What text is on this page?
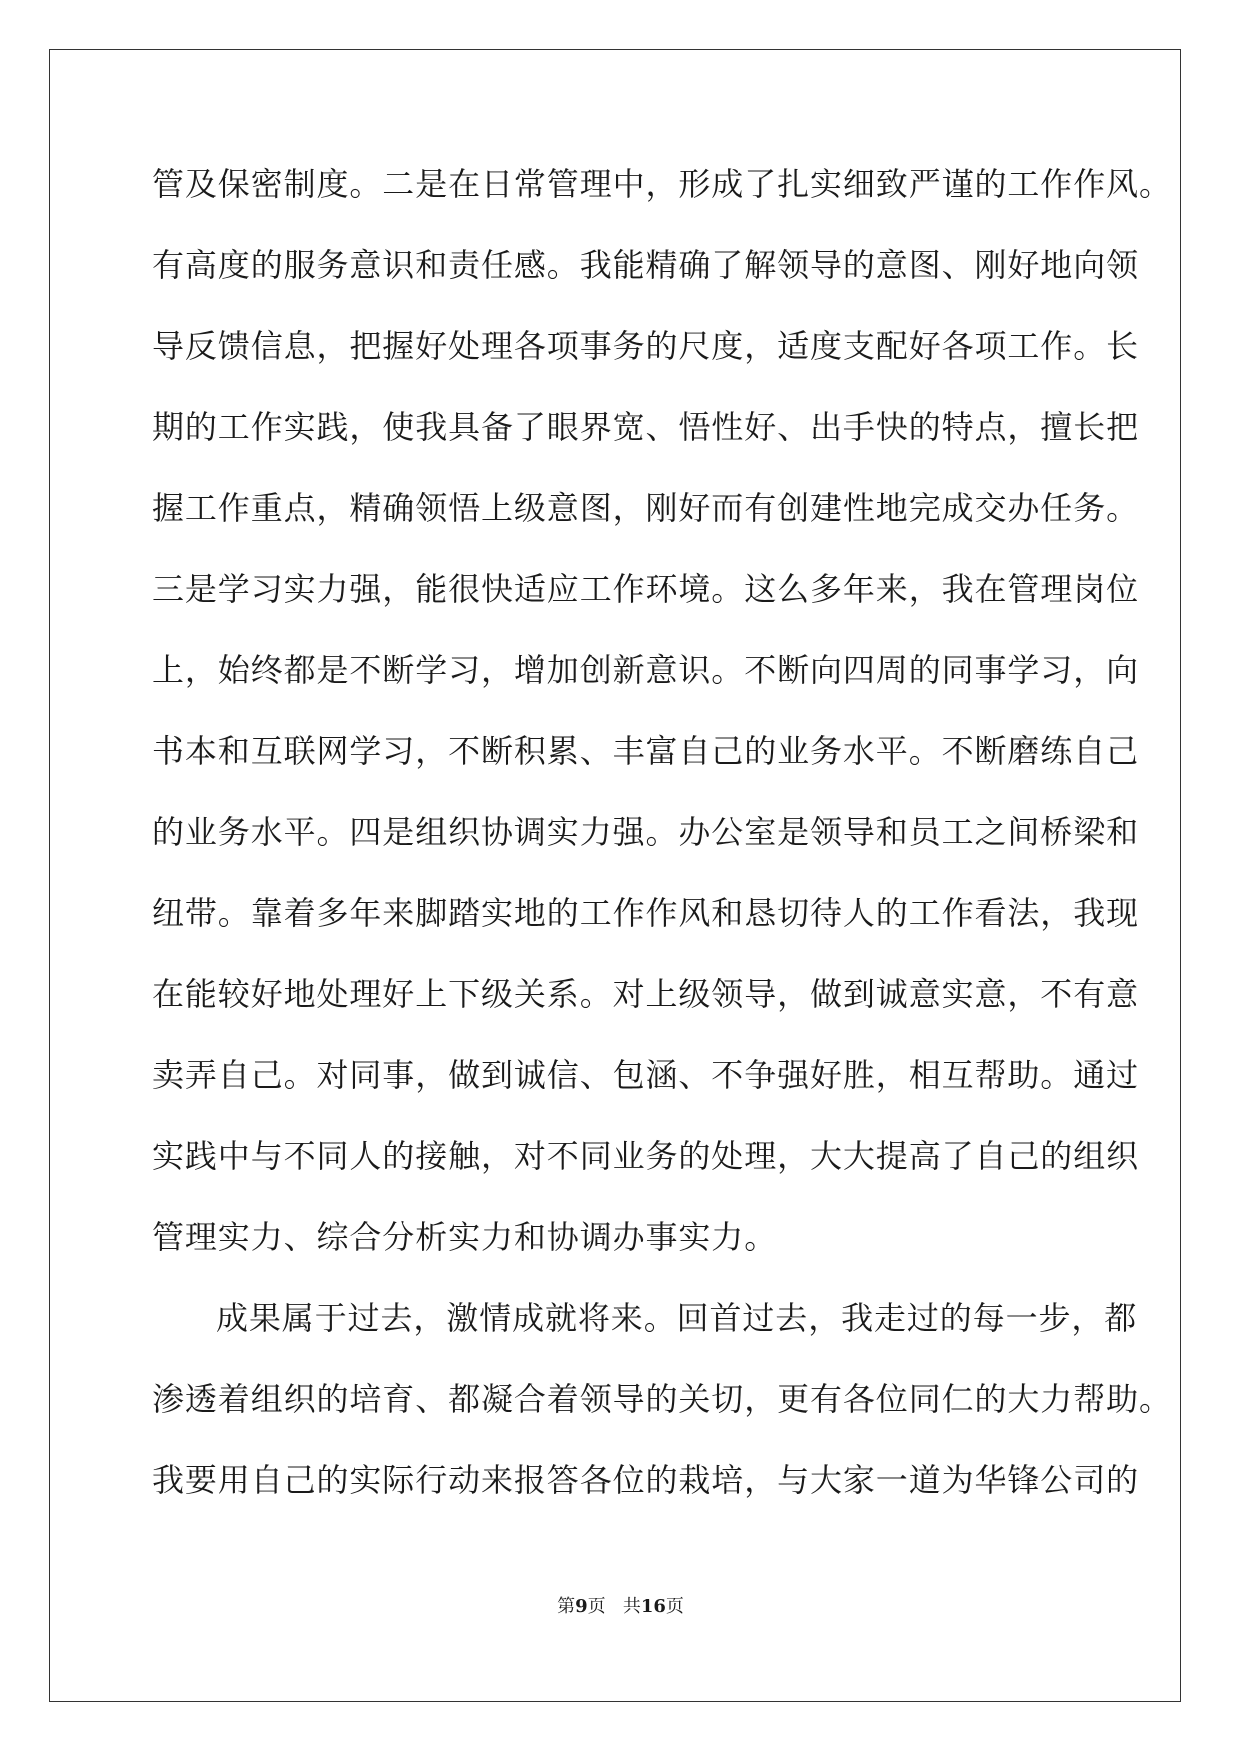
管及保密制度。二是在日常管理中，形成了扎实细致严谨的工作作风。
有高度的服务意识和责任感。我能精确了解领导的意图、刚好地向领
导反馈信息，把握好处理各项事务的尺度，适度支配好各项工作。长
期的工作实践，使我具备了眼界宽、悟性好、出手快的特点，擅长把
握工作重点，精确领悟上级意图，刚好而有创建性地完成交办任务。
三是学习实力强，能很快适应工作环境。这么多年来，我在管理岗位
上，始终都是不断学习，增加创新意识。不断向四周的同事学习，向
书本和互联网学习，不断积累、丰富自己的业务水平。不断磨练自己
的业务水平。四是组织协调实力强。办公室是领导和员工之间桥梁和
纽带。靠着多年来脚踏实地的工作作风和恳切待人的工作看法，我现
在能较好地处理好上下级关系。对上级领导，做到诚意实意，不有意
卖弄自己。对同事，做到诚信、包涵、不争强好胜，相互帮助。通过
实践中与不同人的接触，对不同业务的处理，大大提高了自己的组织
管理实力、综合分析实力和协调办事实力。
成果属于过去，激情成就将来。回首过去，我走过的每一步，都
渗透着组织的培育、都凝合着领导的关切，更有各位同仁的大力帮助。
我要用自己的实际行动来报答各位的栽培，与大家一道为华锋公司的
第9页 共16页
